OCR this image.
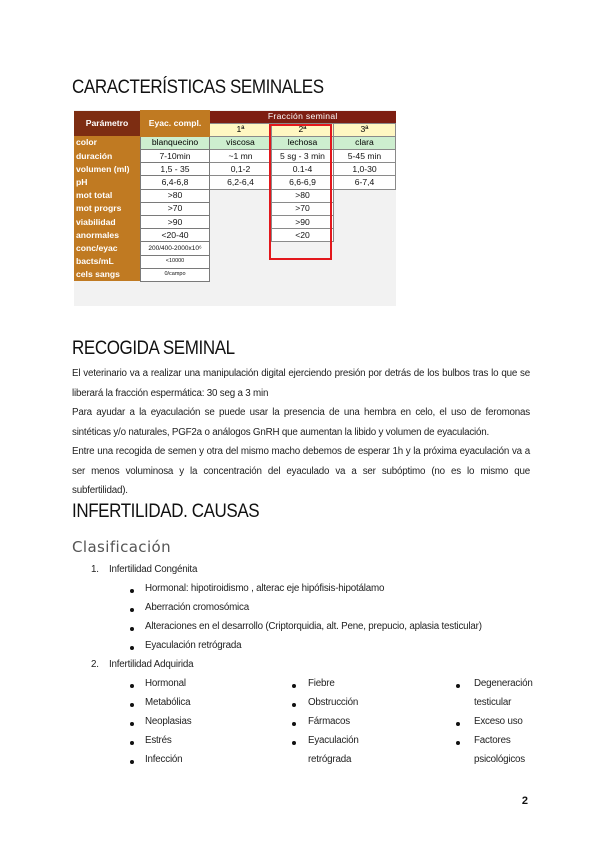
CARACTERÍSTICAS SEMINALES
Parámetro	Eyac. compl.	Fracción seminal		
		1ª	2ª	3ª
color	blanquecino	viscosa	lechosa	clara
duración	7-10min	~1 mn	5 sg - 3 min	5-45 min
volumen (ml)	1,5 - 35	0,1-2	0.1-4	1,0-30
pH	6,4-6,8	6,2-6,4	6,6-6,9	6-7,4
mot total	>80		>80	
mot progrs	>70		>70	
viabilidad	>90		>90	
anormales	<20-40		<20	
conc/eyac	200/400-2000x10⁶			
bacts/mL	<10000			
cels sangs	0/campo			
RECOGIDA SEMINAL
El veterinario va a realizar una manipulación digital ejerciendo presión por detrás de los bulbos tras lo que se liberará la fracción espermática: 30 seg a 3 min
Para ayudar a la eyaculación se puede usar la presencia de una hembra en celo, el uso de feromonas sintéticas y/o naturales, PGF2a o análogos GnRH que aumentan la libido y volumen de eyaculación.
Entre una recogida de semen y otra del mismo macho debemos de esperar 1h y la próxima eyaculación va a ser menos voluminosa y la concentración del eyaculado va a ser subóptimo (no es lo mismo que subfertilidad).
INFERTILIDAD. CAUSAS
Clasificación
1. Infertilidad Congénita
Hormonal: hipotiroidismo , alterac eje hipófisis-hipotálamo
Aberración cromosómica
Alteraciones en el desarrollo (Criptorquidia, alt. Pene, prepucio, aplasia testicular)
Eyaculación retrógrada
2. Infertilidad Adquirida
Hormonal
Metabólica
Neoplasias
Estrés
Infección
Fiebre
Obstrucción
Fármacos
Eyaculación
retrógrada
Degeneración
testicular
Exceso uso
Factores
psicológicos
2
